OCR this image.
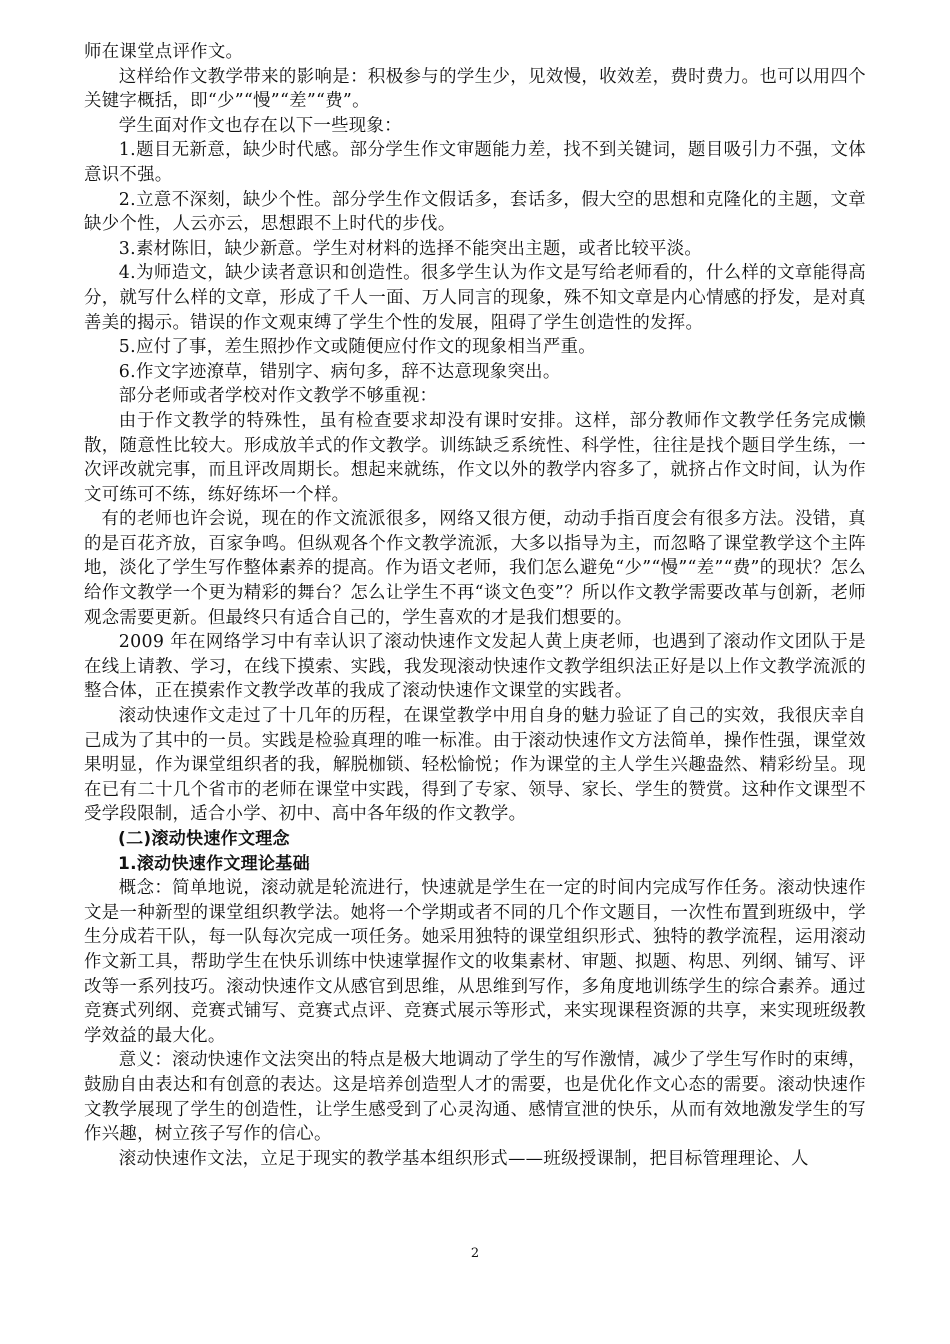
师在课堂点评作文。

这样给作文教学带来的影响是：积极参与的学生少，见效慢，收效差，费时费力。也可以用四个关键字概括，即“少”“慢”“差”“费”。

学生面对作文也存在以下一些现象：

1.题目无新意，缺少时代感。部分学生作文审题能力差，找不到关键词，题目吸引力不强，文体意识不强。

2.立意不深刻，缺少个性。部分学生作文假话多，套话多，假大空的思想和克隆化的主题，文章缺少个性，人云亦云，思想跟不上时代的步伐。

3.素材陈旧，缺少新意。学生对材料的选择不能突出主题，或者比较平淡。

4.为师造文，缺少读者意识和创造性。很多学生认为作文是写给老师看的，什么样的文章能得高分，就写什么样的文章，形成了千人一面、万人同言的现象，殊不知文章是内心情感的抒发，是对真善美的揭示。错误的作文观束缚了学生个性的发展，阻碍了学生创造性的发挥。

5.应付了事，差生照抄作文或随便应付作文的现象相当严重。

6.作文字迹潦草，错别字、病句多，辞不达意现象突出。

部分老师或者学校对作文教学不够重视：

由于作文教学的特殊性，虽有检查要求却没有课时安排。这样，部分教师作文教学任务完成懒散，随意性比较大。形成放羊式的作文教学。训练缺乏系统性、科学性，往往是找个题目学生练，一次评改就完事，而且评改周期长。想起来就练，作文以外的教学内容多了，就挤占作文时间，认为作文可练可不练，练好练坏一个样。

有的老师也许会说，现在的作文流派很多，网络又很方便，动动手指百度会有很多方法。没错，真的是百花齐放，百家争鸣。但纵观各个作文教学流派，大多以指导为主，而忽略了课堂教学这个主阵地，淡化了学生写作整体素养的提高。作为语文老师，我们怎么避免“少”“慢”“差”“费”的现状？怎么给作文教学一个更为精彩的舞台？怎么让学生不再“谈文色变”？所以作文教学需要改革与创新，老师观念需要更新。但最终只有适合自己的，学生喜欢的才是我们想要的。

2009 年在网络学习中有幸认识了滚动快速作文发起人黄上庚老师，也遇到了滚动作文团队于是在线上请教、学习，在线下摸索、实践，我发现滚动快速作文教学组织法正好是以上作文教学流派的整合体，正在摸索作文教学改革的我成了滚动快速作文课堂的实践者。

滚动快速作文走过了十几年的历程，在课堂教学中用自身的魅力验证了自己的实效，我很庆幸自己成为了其中的一员。实践是检验真理的唯一标准。由于滚动快速作文方法简单，操作性强，课堂效果明显，作为课堂组织者的我，解脱枷锁、轻松愉悦；作为课堂的主人学生兴趣盎然、精彩纷呈。现在已有二十几个省市的老师在课堂中实践，得到了专家、领导、家长、学生的赞赏。这种作文课型不受学段限制，适合小学、初中、高中各年级的作文教学。

(二)滚动快速作文理念

1.滚动快速作文理论基础

概念：简单地说，滚动就是轮流进行，快速就是学生在一定的时间内完成写作任务。滚动快速作文是一种新型的课堂组织教学法。她将一个学期或者不同的几个作文题目，一次性布置到班级中，学生分成若干队，每一队每次完成一项任务。她采用独特的课堂组织形式、独特的教学流程，运用滚动作文新工具，帮助学生在快乐训练中快速掌握作文的收集素材、审题、拟题、构思、列纲、铺写、评改等一系列技巧。滚动快速作文从感官到思维，从思维到写作，多角度地训练学生的综合素养。通过竞赛式列纲、竞赛式铺写、竞赛式点评、竞赛式展示等形式，来实现课程资源的共享，来实现班级教学效益的最大化。

意义：滚动快速作文法突出的特点是极大地调动了学生的写作激情，减少了学生写作时的束缚，鼓励自由表达和有创意的表达。这是培养创造型人才的需要，也是优化作文心态的需要。滚动快速作文教学展现了学生的创造性，让学生感受到了心灵沟通、感情宣泄的快乐，从而有效地激发学生的写作兴趣，树立孩子写作的信心。

滚动快速作文法，立足于现实的教学基本组织形式——班级授课制，把目标管理理论、人

2
